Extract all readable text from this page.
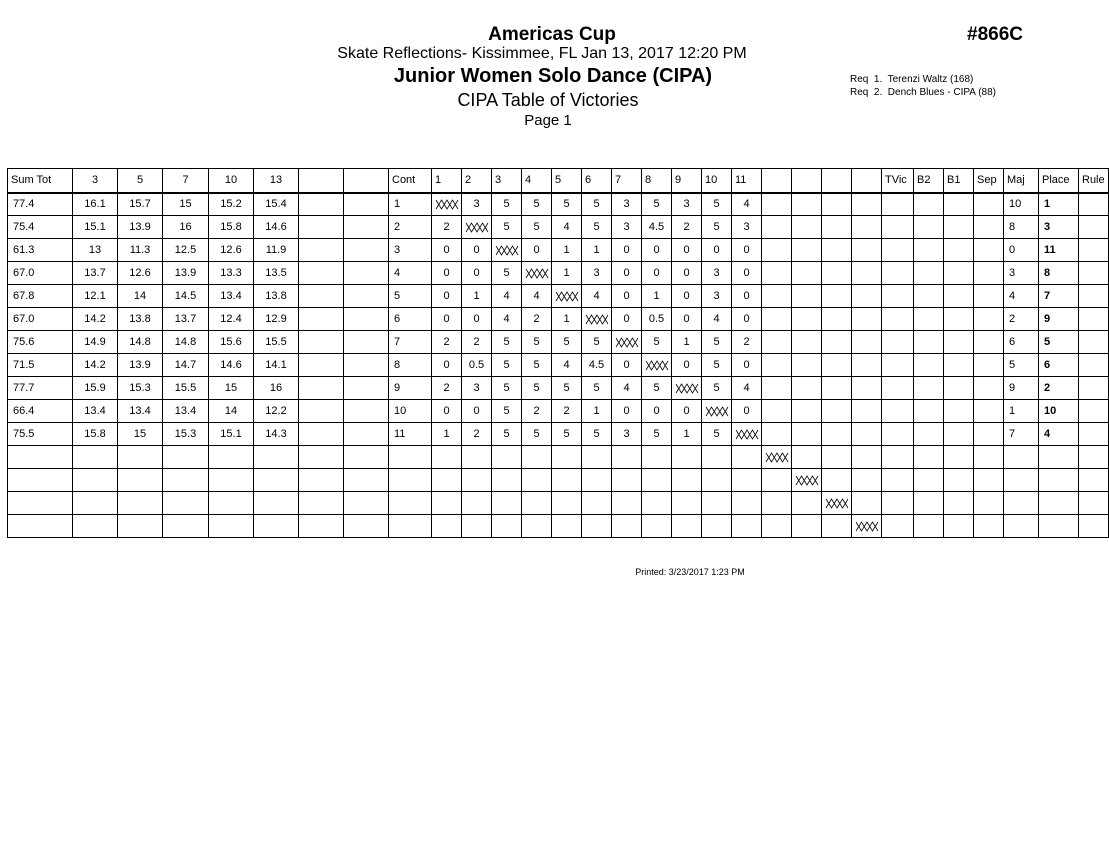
Americas Cup	#866C
Skate Reflections- Kissimmee, FL Jan 13, 2017 12:20 PM
Junior Women Solo Dance (CIPA)
CIPA Table of Victories
Page 1
Req  1.  Terenzi Waltz (168)
Req  2.  Dench Blues - CIPA (88)
Sum Tot	3	5	7	10	13			Cont	1	2	3	4	5	6	7	8	9	10	11					TVic	B2	B1	Sep	Maj	Place	Rule
77.4	16.1	15.7	15	15.2	15.4			1		3	5	5	5	5	3	5	3	5	4									10	1	
75.4	15.1	13.9	16	15.8	14.6			2	2		5	5	4	5	3	4.5	2	5	3									8	3	
61.3	13	11.3	12.5	12.6	11.9			3	0	0		0	1	1	0	0	0	0	0									0	11	
67.0	13.7	12.6	13.9	13.3	13.5			4	0	0	5		1	3	0	0	0	3	0									3	8	
67.8	12.1	14	14.5	13.4	13.8			5	0	1	4	4		4	0	1	0	3	0									4	7	
67.0	14.2	13.8	13.7	12.4	12.9			6	0	0	4	2	1		0	0.5	0	4	0									2	9	
75.6	14.9	14.8	14.8	15.6	15.5			7	2	2	5	5	5	5		5	1	5	2									6	5	
71.5	14.2	13.9	14.7	14.6	14.1			8	0	0.5	5	5	4	4.5	0		0	5	0									5	6	
77.7	15.9	15.3	15.5	15	16			9	2	3	5	5	5	5	4	5		5	4									9	2	
66.4	13.4	13.4	13.4	14	12.2			10	0	0	5	2	2	1	0	0	0		0									1	10	
75.5	15.8	15	15.3	15.1	14.3			11	1	2	5	5	5	5	3	5	1	5										7	4	

Printed: 3/23/2017 1:23 PM
